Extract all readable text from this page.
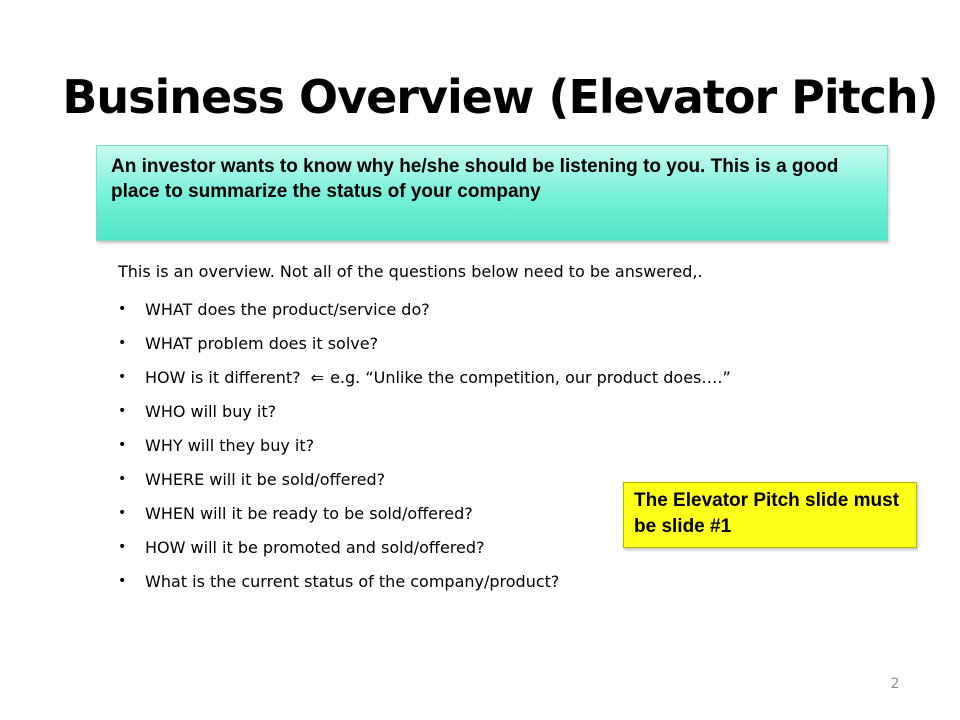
Business Overview (Elevator Pitch)
An investor wants to know why he/she should be listening to you. This is a good place to summarize the status of your company
This is an overview. Not all of the questions below need to be answered,.
• WHAT does the product/service do?
• WHAT problem does it solve?
• HOW is it different? ⇐ e.g. “Unlike the competition, our product does….”
• WHO will buy it?
• WHY will they buy it?
• WHERE will it be sold/offered?
• WHEN will it be ready to be sold/offered?
• HOW will it be promoted and sold/offered?
• What is the current status of the company/product?
The Elevator Pitch slide must be slide #1
2
